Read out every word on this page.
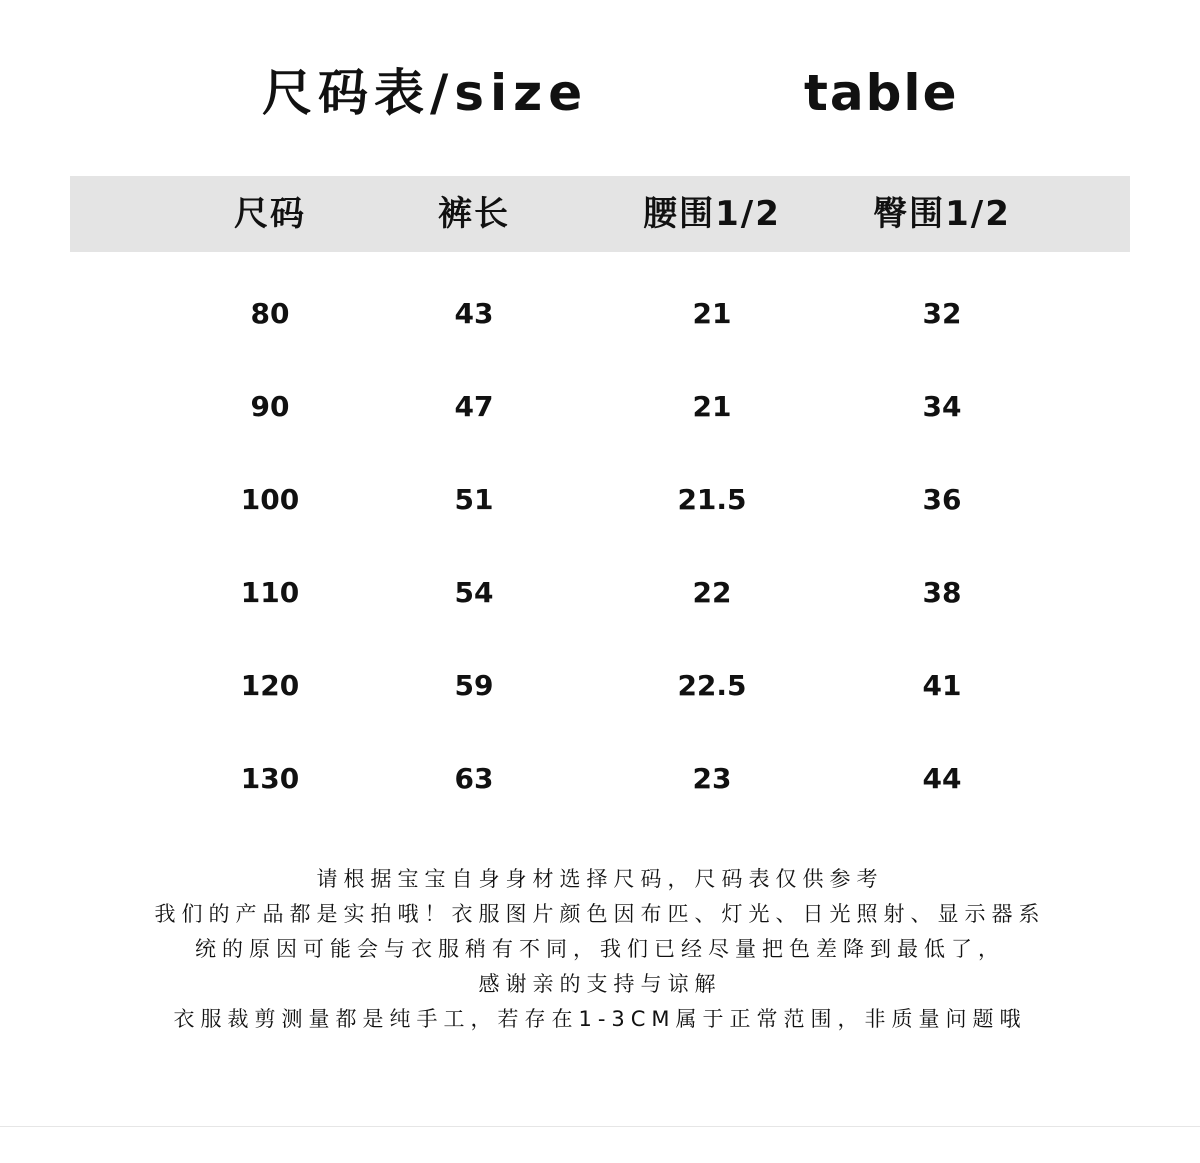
尺码表/size	table
尺码	裤长	腰围1/2	臀围1/2
80	43	21	32
90	47	21	34
100	51	21.5	36
110	54	22	38
120	59	22.5	41
130	63	23	44
请根据宝宝自身身材选择尺码，尺码表仅供参考
我们的产品都是实拍哦！衣服图片颜色因布匹、灯光、日光照射、显示器系
统的原因可能会与衣服稍有不同，我们已经尽量把色差降到最低了，
感谢亲的支持与谅解
衣服裁剪测量都是纯手工，若存在1-3CM属于正常范围，非质量问题哦
